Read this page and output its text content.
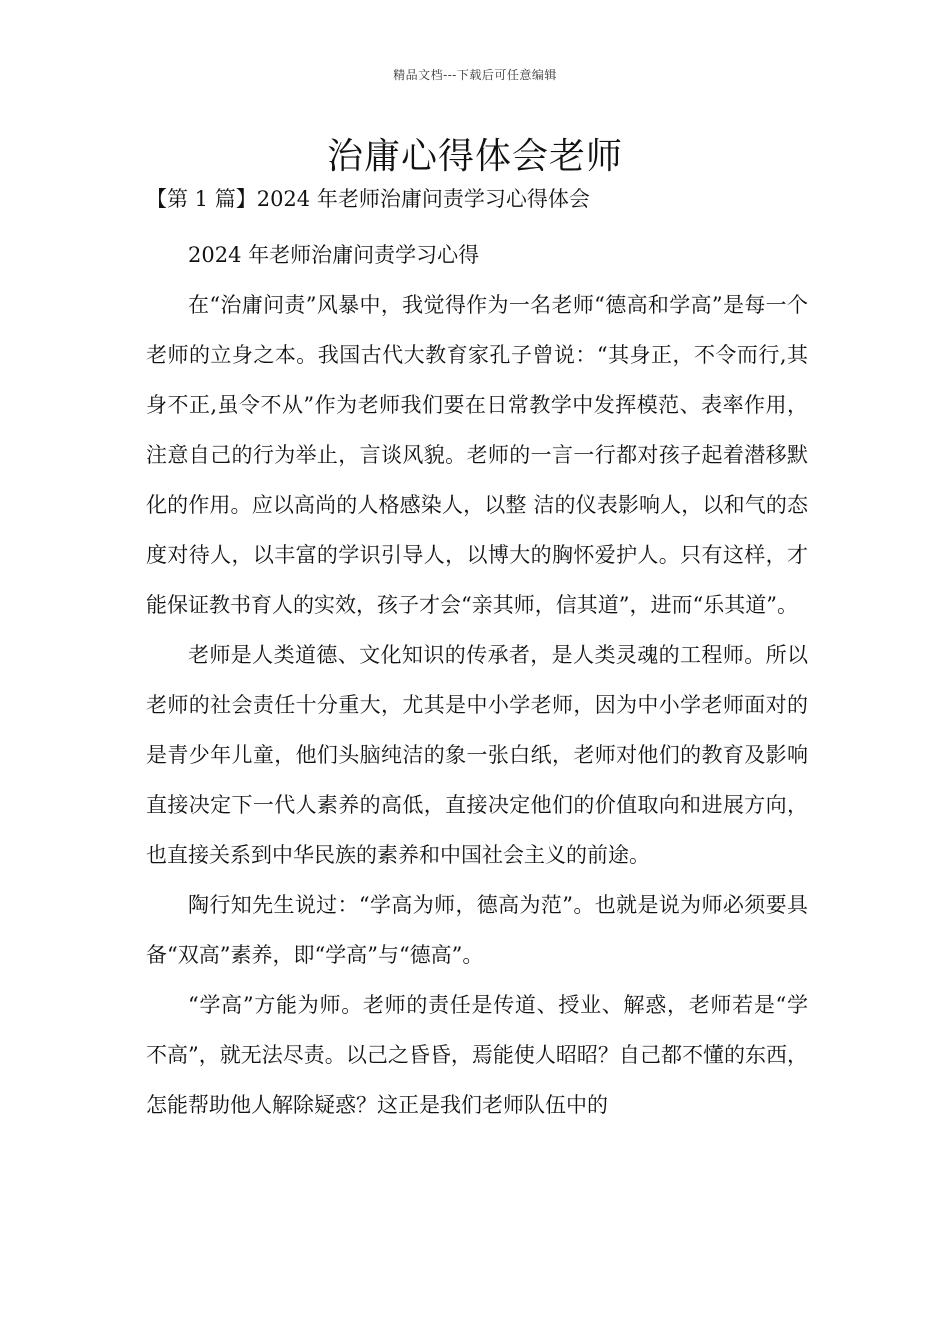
精品文档---下载后可任意编辑
治庸心得体会老师
【第 1 篇】2024 年老师治庸问责学习心得体会

2024 年老师治庸问责学习心得

在“治庸问责”风暴中，我觉得作为一名老师“德高和学高”是每一个老师的立身之本。我国古代大教育家孔子曾说：“其身正，不令而行,其身不正,虽令不从”作为老师我们要在日常教学中发挥模范、表率作用，注意自己的行为举止，言谈风貌。老师的一言一行都对孩子起着潜移默化的作用。应以高尚的人格感染人，以整 洁的仪表影响人，以和气的态度对待人，以丰富的学识引导人，以博大的胸怀爱护人。只有这样，才能保证教书育人的实效，孩子才会“亲其师，信其道”，进而“乐其道”。

老师是人类道德、文化知识的传承者，是人类灵魂的工程师。所以老师的社会责任十分重大，尤其是中小学老师，因为中小学老师面对的是青少年儿童，他们头脑纯洁的象一张白纸，老师对他们的教育及影响直接决定下一代人素养的高低，直接决定他们的价值取向和进展方向，也直接关系到中华民族的素养和中国社会主义的前途。

陶行知先生说过：“学高为师，德高为范”。也就是说为师必须要具备“双高”素养，即“学高”与“德高”。

“学高”方能为师。老师的责任是传道、授业、解惑，老师若是“学不高”，就无法尽责。以己之昏昏，焉能使人昭昭？自己都不懂的东西，怎能帮助他人解除疑惑？这正是我们老师队伍中的
